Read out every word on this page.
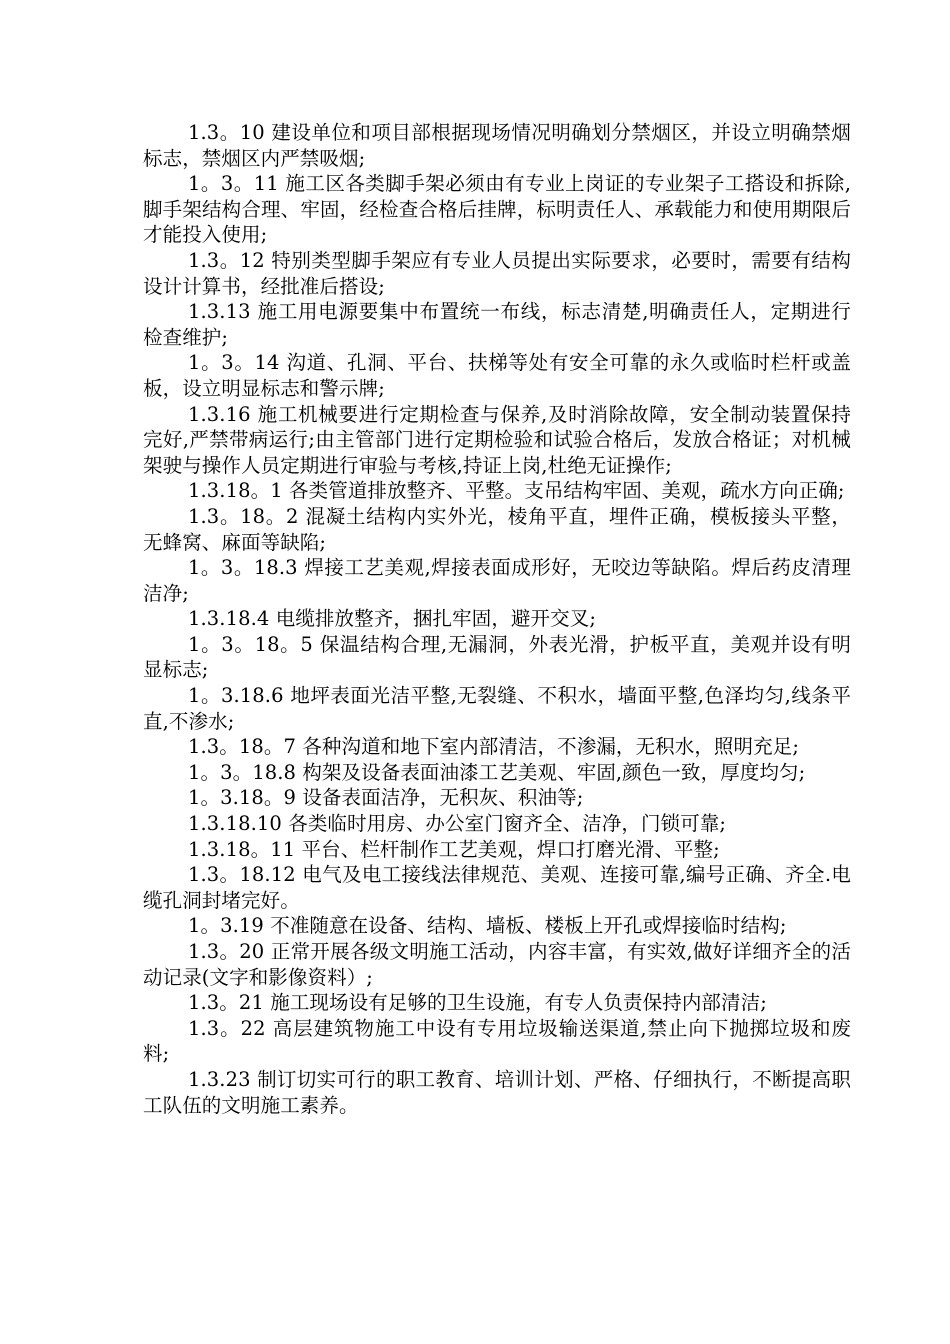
1.3。10 建设单位和项目部根据现场情况明确划分禁烟区，并设立明确禁烟标志，禁烟区内严禁吸烟;

1。3。11 施工区各类脚手架必须由有专业上岗证的专业架子工搭设和拆除,脚手架结构合理、牢固，经检查合格后挂牌，标明责任人、承载能力和使用期限后才能投入使用;

1.3。12 特别类型脚手架应有专业人员提出实际要求，必要时，需要有结构设计计算书，经批准后搭设;

1.3.13 施工用电源要集中布置统一布线，标志清楚,明确责任人，定期进行检查维护;

1。3。14 沟道、孔洞、平台、扶梯等处有安全可靠的永久或临时栏杆或盖板，设立明显标志和警示牌;

1.3.16 施工机械要进行定期检查与保养,及时消除故障，安全制动装置保持完好,严禁带病运行;由主管部门进行定期检验和试验合格后，发放合格证；对机械架驶与操作人员定期进行审验与考核,持证上岗,杜绝无证操作;

1.3.18。1 各类管道排放整齐、平整。支吊结构牢固、美观，疏水方向正确;

1.3。18。2 混凝土结构内实外光，棱角平直，埋件正确，模板接头平整，无蜂窝、麻面等缺陷;

1。3。18.3 焊接工艺美观,焊接表面成形好，无咬边等缺陷。焊后药皮清理洁净;

1.3.18.4 电缆排放整齐，捆扎牢固，避开交叉;

1。3。18。5 保温结构合理,无漏洞，外表光滑，护板平直，美观并设有明显标志;

1。3.18.6 地坪表面光洁平整,无裂缝、不积水，墙面平整,色泽均匀,线条平直,不渗水;

1.3。18。7 各种沟道和地下室内部清洁，不渗漏，无积水，照明充足;

1。3。18.8 构架及设备表面油漆工艺美观、牢固,颜色一致，厚度均匀;

1。3.18。9 设备表面洁净，无积灰、积油等;

1.3.18.10 各类临时用房、办公室门窗齐全、洁净，门锁可靠;

1.3.18。11 平台、栏杆制作工艺美观，焊口打磨光滑、平整;

1.3。18.12 电气及电工接线法律规范、美观、连接可靠,编号正确、齐全.电缆孔洞封堵完好。

1。3.19 不准随意在设备、结构、墙板、楼板上开孔或焊接临时结构;

1.3。20 正常开展各级文明施工活动，内容丰富，有实效,做好详细齐全的活动记录(文字和影像资料）;

1.3。21 施工现场设有足够的卫生设施，有专人负责保持内部清洁;

1.3。22 高层建筑物施工中设有专用垃圾输送渠道,禁止向下抛掷垃圾和废料;

1.3.23 制订切实可行的职工教育、培训计划、严格、仔细执行，不断提高职工队伍的文明施工素养。
